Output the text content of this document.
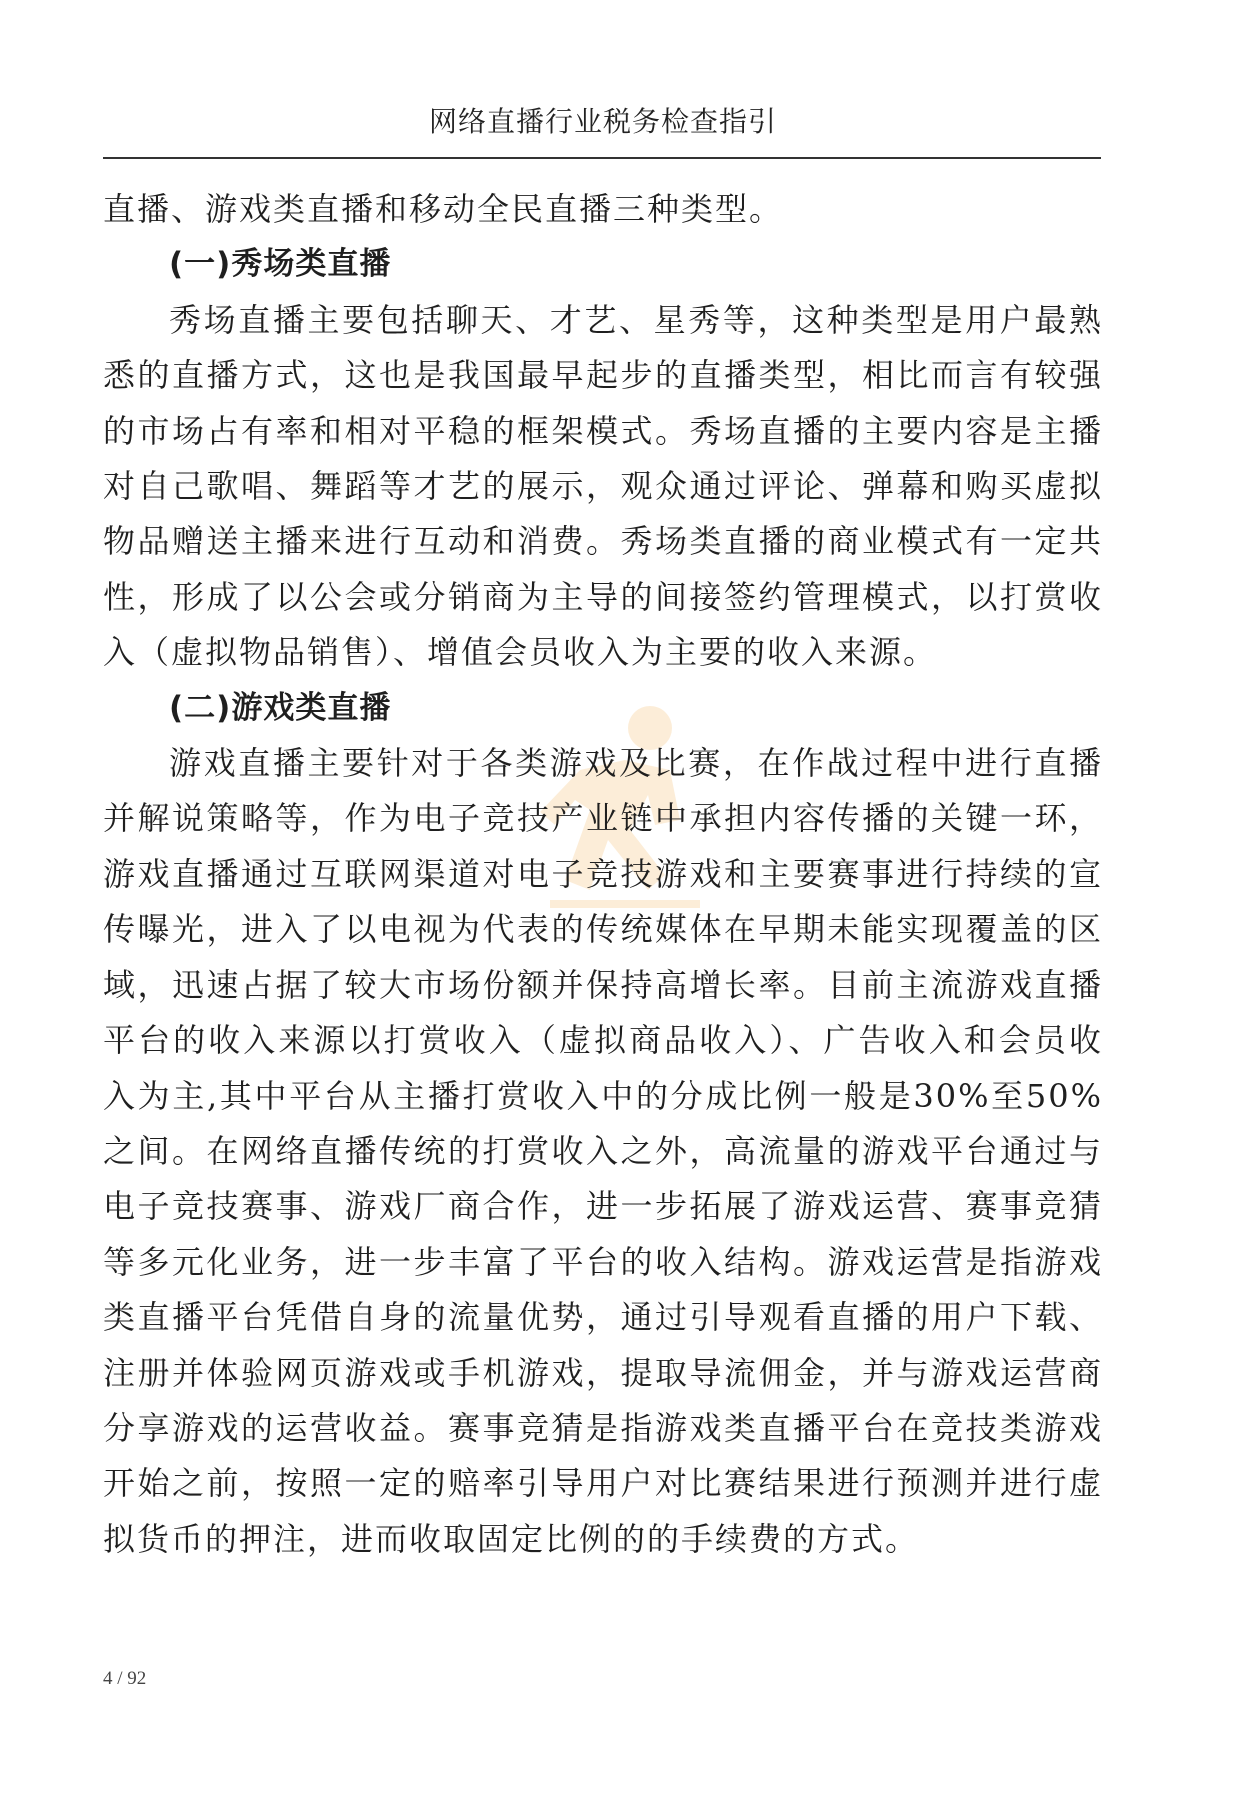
网络直播行业税务检查指引

直播、游戏类直播和移动全民直播三种类型。

(一)秀场类直播

秀场直播主要包括聊天、才艺、星秀等，这种类型是用户最熟悉的直播方式，这也是我国最早起步的直播类型，相比而言有较强的市场占有率和相对平稳的框架模式。秀场直播的主要内容是主播对自己歌唱、舞蹈等才艺的展示，观众通过评论、弹幕和购买虚拟物品赠送主播来进行互动和消费。秀场类直播的商业模式有一定共性，形成了以公会或分销商为主导的间接签约管理模式，以打赏收入（虚拟物品销售）、增值会员收入为主要的收入来源。

(二)游戏类直播

游戏直播主要针对于各类游戏及比赛，在作战过程中进行直播并解说策略等，作为电子竞技产业链中承担内容传播的关键一环，游戏直播通过互联网渠道对电子竞技游戏和主要赛事进行持续的宣传曝光，进入了以电视为代表的传统媒体在早期未能实现覆盖的区域，迅速占据了较大市场份额并保持高增长率。目前主流游戏直播平台的收入来源以打赏收入（虚拟商品收入）、广告收入和会员收入为主,其中平台从主播打赏收入中的分成比例一般是30%至50%之间。在网络直播传统的打赏收入之外，高流量的游戏平台通过与电子竞技赛事、游戏厂商合作，进一步拓展了游戏运营、赛事竞猜等多元化业务，进一步丰富了平台的收入结构。游戏运营是指游戏类直播平台凭借自身的流量优势，通过引导观看直播的用户下载、注册并体验网页游戏或手机游戏，提取导流佣金，并与游戏运营商分享游戏的运营收益。赛事竞猜是指游戏类直播平台在竞技类游戏开始之前，按照一定的赔率引导用户对比赛结果进行预测并进行虚拟货币的押注，进而收取固定比例的的手续费的方式。

4 / 92
